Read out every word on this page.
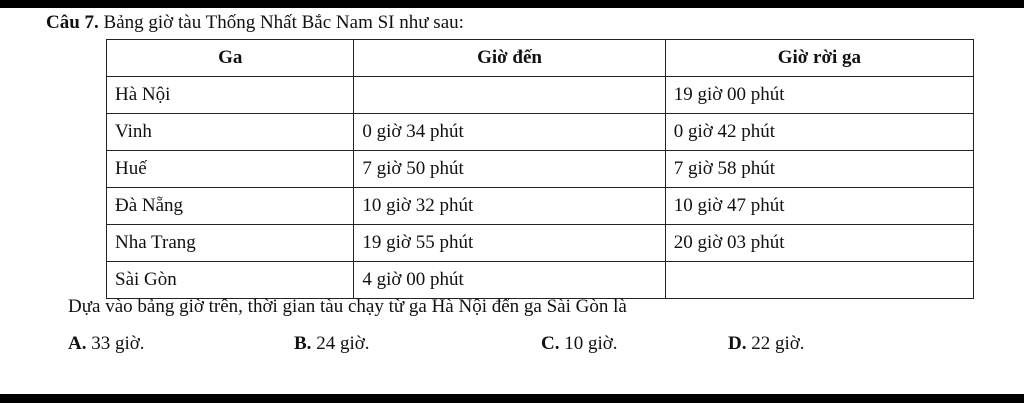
Câu 7. Bảng giờ tàu Thống Nhất Bắc Nam SI như sau:
Ga	Giờ đến	Giờ rời ga
Hà Nội		19 giờ 00 phút
Vinh	0 giờ 34 phút	0 giờ 42 phút
Huế	7 giờ 50 phút	7 giờ 58 phút
Đà Nẵng	10 giờ 32 phút	10 giờ 47 phút
Nha Trang	19 giờ 55 phút	20 giờ 03 phút
Sài Gòn	4 giờ 00 phút	
Dựa vào bảng giờ trên, thời gian tàu chạy từ ga Hà Nội đến ga Sài Gòn là
A. 33 giờ.	B. 24 giờ.	C. 10 giờ.	D. 22 giờ.
